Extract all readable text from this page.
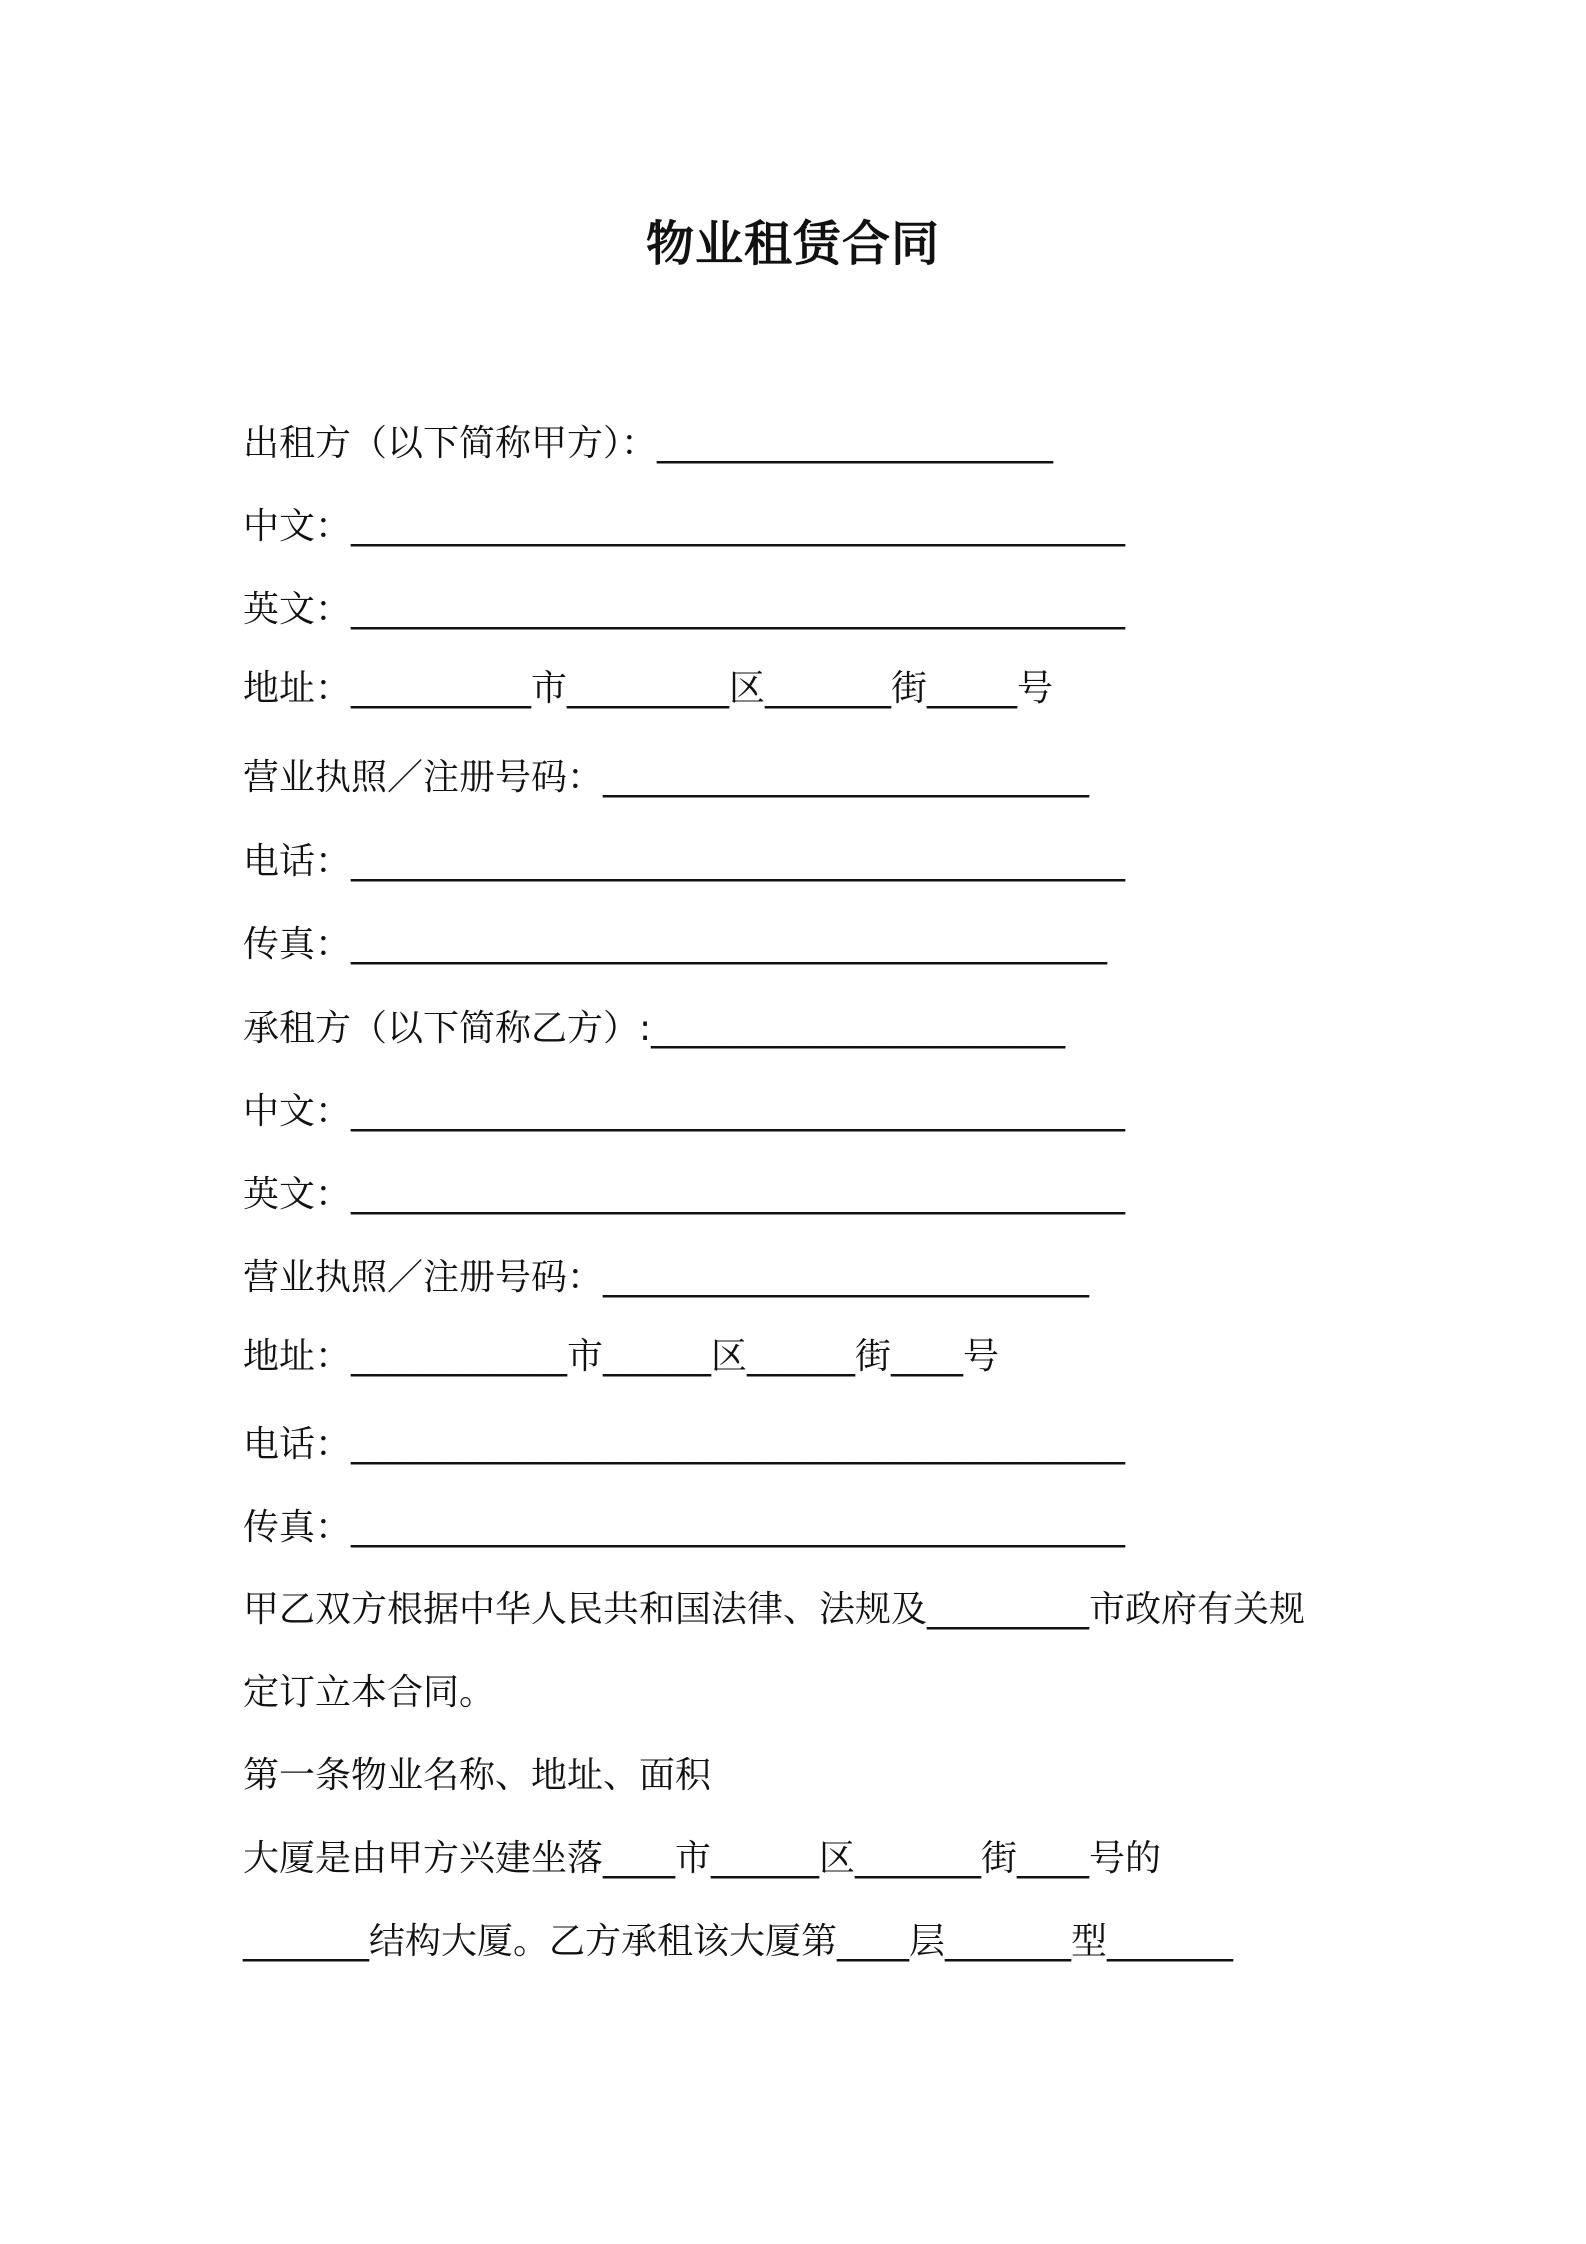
物业租赁合同
出租方（以下简称甲方）：______________________
中文：___________________________________________
英文：___________________________________________
地址：__________市_________区_______街_____号
营业执照／注册号码：___________________________
电话：___________________________________________
传真：__________________________________________
承租方（以下简称乙方）:_______________________
中文：___________________________________________
英文：___________________________________________
营业执照／注册号码：___________________________
地址：____________市______区______街____号
电话：___________________________________________
传真：___________________________________________
甲乙双方根据中华人民共和国法律、法规及_________市政府有关规
定订立本合同。
第一条物业名称、地址、面积
大厦是由甲方兴建坐落____市______区_______街____号的
_______结构大厦。乙方承租该大厦第____层_______型_______
